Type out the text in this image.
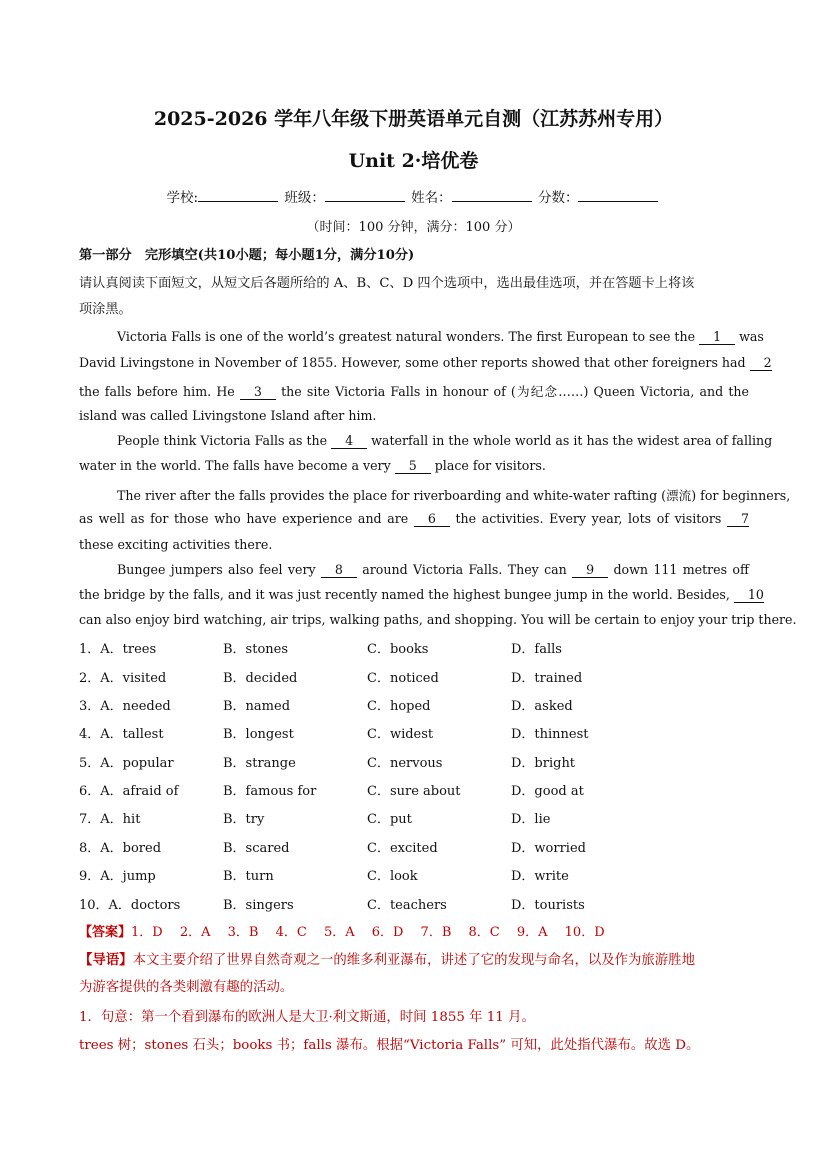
2025-2026 学年八年级下册英语单元自测（江苏苏州专用）
Unit 2·培优卷
学校:	班级：	姓名：	分数：
（时间：100 分钟，满分：100 分）
第一部分　完形填空(共10小题；每小题1分，满分10分)
请认真阅读下面短文，从短文后各题所给的 A、B、C、D 四个选项中，选出最佳选项，并在答题卡上将该
项涂黑。
Victoria Falls is one of the world’s greatest natural wonders. The first European to see the 1 was
David Livingstone in November of 1855. However, some other reports showed that other foreigners had 2
the falls before him. He 3 the site Victoria Falls in honour of (为纪念……) Queen Victoria, and the
island was called Livingstone Island after him.
People think Victoria Falls as the 4 waterfall in the whole world as it has the widest area of falling
water in the world. The falls have become a very 5 place for visitors.
The river after the falls provides the place for riverboarding and white-water rafting (漂流) for beginners,
as well as for those who have experience and are 6 the activities. Every year, lots of visitors 7
these exciting activities there.
Bungee jumpers also feel very 8 around Victoria Falls. They can 9 down 111 metres off
the bridge by the falls, and it was just recently named the highest bungee jump in the world. Besides, 10
can also enjoy bird watching, air trips, walking paths, and shopping. You will be certain to enjoy your trip there.
1．A．trees	B．stones	C．books	D．falls
2．A．visited	B．decided	C．noticed	D．trained
3．A．needed	B．named	C．hoped	D．asked
4．A．tallest	B．longest	C．widest	D．thinnest
5．A．popular	B．strange	C．nervous	D．bright
6．A．afraid of	B．famous for	C．sure about	D．good at
7．A．hit	B．try	C．put	D．lie
8．A．bored	B．scared	C．excited	D．worried
9．A．jump	B．turn	C．look	D．write
10．A．doctors	B．singers	C．teachers	D．tourists
【答案】1．D　 2．A　 3．B　 4．C　 5．A　 6．D　 7．B　 8．C　 9．A　 10．D
【导语】本文主要介绍了世界自然奇观之一的维多利亚瀑布，讲述了它的发现与命名，以及作为旅游胜地
为游客提供的各类刺激有趣的活动。
1．句意：第一个看到瀑布的欧洲人是大卫·利文斯通，时间 1855 年 11 月。
trees 树；stones 石头；books 书；falls 瀑布。根据“Victoria Falls” 可知，此处指代瀑布。故选 D。
